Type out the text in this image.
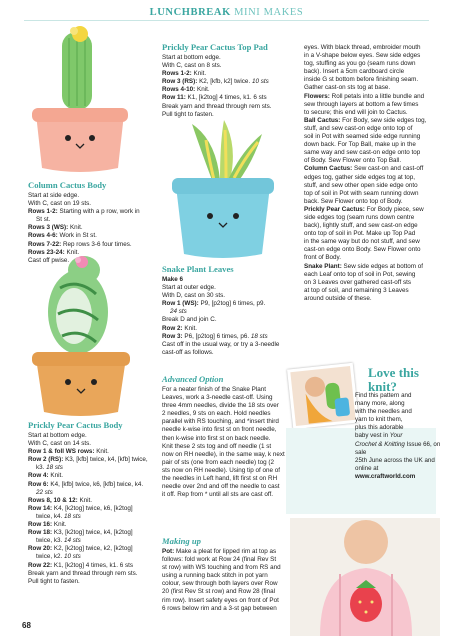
LUNCHBREAK MINI MAKES
Love this
knit?
Column Cactus Body

Start at side edge.

With C, cast on 19 sts.

Rows 1-2: Starting with a p row, work in

St st.

Rows 3 (WS): Knit.

Rows 4-6: Work in St st.

Rows 7-22: Rep rows 3-6 four times.

Rows 23-24: Knit.

Cast off pwise.

Prickly Pear Cactus Body

Start at bottom edge.

With C, cast on 14 sts.

Row 1 & foll WS rows: Knit.

Row 2 (RS): K3, [kfb] twice, k4, [kfb] twice,

k3. 18 sts

Row 4: Knit.

Row 6: K4, [kfb] twice, k6, [kfb] twice, k4.

22 sts

Rows 8, 10 & 12: Knit.

Row 14: K4, [k2tog] twice, k6, [k2tog]

twice, k4. 18 sts

Row 16: Knit.

Row 18: K3, [k2tog] twice, k4, [k2tog]

twice, k3. 14 sts

Row 20: K2, [k2tog] twice, k2, [k2tog]

twice, k2. 10 sts

Row 22: K1, [k2tog] 4 times, k1. 6 sts

Break yarn and thread through rem sts.

Pull tight to fasten.

Prickly Pear Cactus Top Pad

Start at bottom edge.

With C, cast on 8 sts.

Rows 1-2: Knit.

Row 3 (RS): K2, [kfb, k2] twice. 10 sts

Rows 4-10: Knit.

Row 11: K1, [k2tog] 4 times, k1. 6 sts

Break yarn and thread through rem sts.

Pull tight to fasten.

Snake Plant Leaves

Make 6

Start at outer edge.

With D, cast on 30 sts.

Row 1 (WS): P9, [p2tog] 6 times, p9.

24 sts

Break D and join C.

Row 2: Knit.

Row 3: P6, [p2tog] 6 times, p6. 18 sts

Cast off in the usual way, or try a 3-needle

cast-off as follows.

Advanced Option

For a neater finish of the Snake Plant

Leaves, work a 3-needle cast-off. Using

three 4mm needles, divide the 18 sts over

2 needles, 9 sts on each. Hold needles

parallel with RS touching, and *insert third

needle k-wise into first st on front needle,

then k-wise into first st on back needle.

Knit these 2 sts tog and off needle (1 st

now on RH needle), in the same way, k next

pair of sts (one from each needle) tog (2

sts now on RH needle). Using tip of one of

the needles in Left hand, lift first st on RH

needle over 2nd and off the needle to cast

it off. Rep from * until all sts are cast off.

Making up

Pot: Make a pleat for lipped rim at top as

follows: fold work at Row 24 (final Rev St

st row) with WS touching and from RS and

using a running back stitch in pot yarn

colour, sew through both layers over Row

20 (first Rev St st row) and Row 28 (final

rim row). Insert safety eyes on front of Pot

6 rows below rim and a 3-st gap between

eyes. With black thread, embroider mouth

in a V-shape below eyes. Sew side edges

tog, stuffing as you go (seam runs down

back). Insert a 5cm cardboard circle

inside G st bottom before finishing seam.

Gather cast-on sts tog at base.

Flowers: Roll petals into a little bundle and

sew through layers at bottom a few times

to secure; this end will join to Cactus.

Ball Cactus: For Body, sew side edges tog,

stuff, and sew cast-on edge onto top of

soil in Pot with seamed side edge running

down back. For Top Ball, make up in the

same way and sew cast-on edge onto top

of Body. Sew Flower onto Top Ball.

Column Cactus: Sew cast-on and cast-off

edges tog, gather side edges tog at top,

stuff, and sew other open side edge onto

top of soil in Pot with seam running down

back. Sew Flower onto top of Body.

Prickly Pear Cactus: For Body piece, sew

side edges tog (seam runs down centre

back), lightly stuff, and sew cast-on edge

onto top of soil in Pot. Make up Top Pad

in the same way but do not stuff, and sew

cast-on edge onto Body. Sew Flower onto

front of Body.

Snake Plant: Sew side edges at bottom of

each Leaf onto top of soil in Pot, sewing

on 3 Leaves over gathered cast-off sts

at top of soil, and remaining 3 Leaves

around outside of these.

Find this pattern and

many more, along

with the needles and

yarn to knit them,

plus this adorable

baby vest in Your

Crochet & Knitting Issue 66, on sale

25th June across the UK and online at

www.craftworld.com

68
